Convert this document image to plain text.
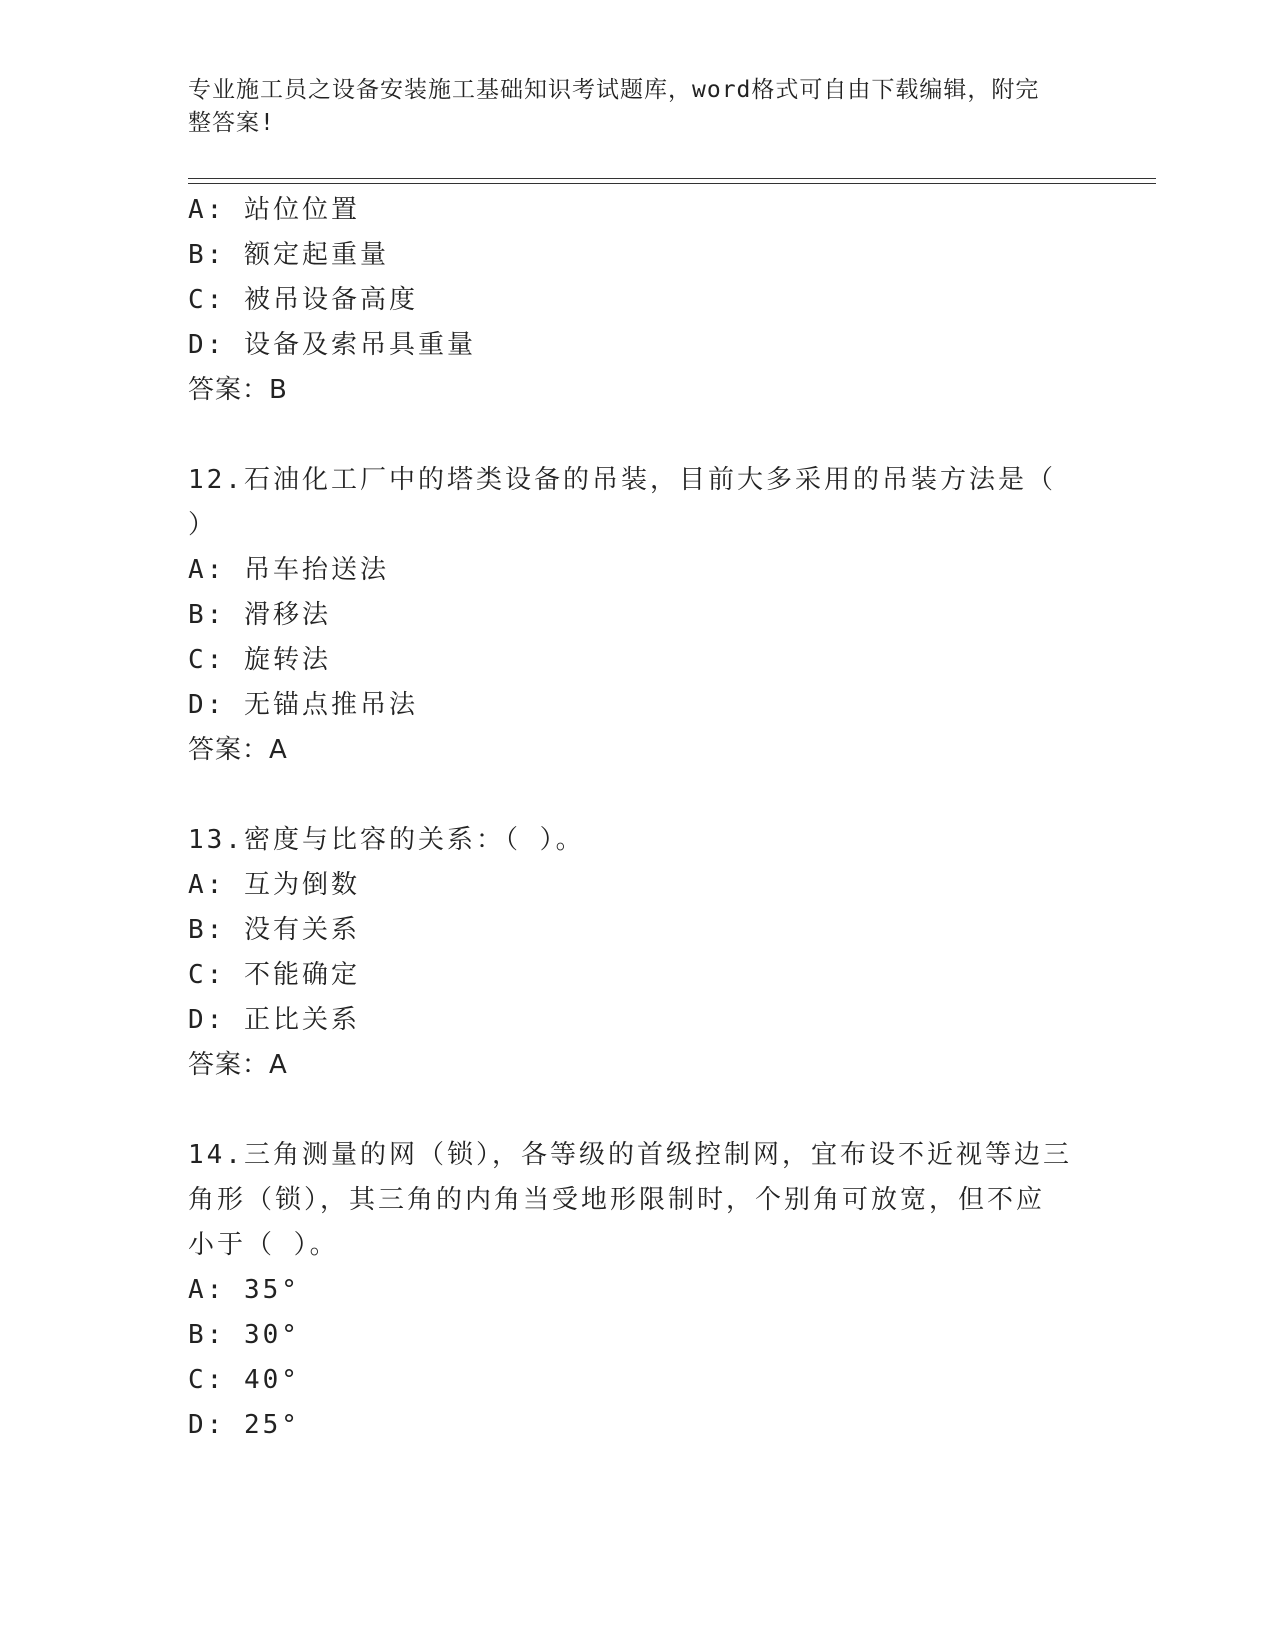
专业施工员之设备安装施工基础知识考试题库，word格式可自由下载编辑，附完
整答案!
A: 站位位置
B: 额定起重量
C: 被吊设备高度
D: 设备及索吊具重量
答案：B
12.石油化工厂中的塔类设备的吊装，目前大多采用的吊装方法是（
）
A: 吊车抬送法
B: 滑移法
C: 旋转法
D: 无锚点推吊法
答案：A
13.密度与比容的关系：（ ）。
A: 互为倒数
B: 没有关系
C: 不能确定
D: 正比关系
答案：A
14.三角测量的网（锁），各等级的首级控制网，宜布设不近视等边三
角形（锁），其三角的内角当受地形限制时，个别角可放宽，但不应
小于（ ）。
A: 35°
B: 30°
C: 40°
D: 25°
